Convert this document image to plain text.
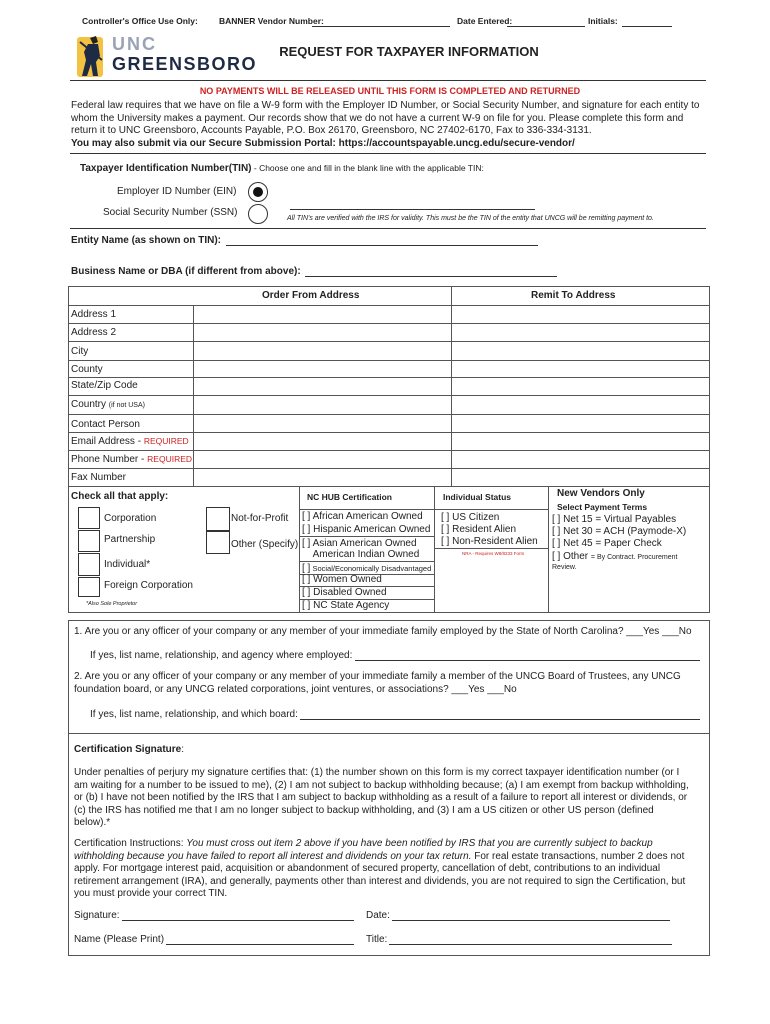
Controller's Office Use Only: BANNER Vendor Number:	Date Entered:	Initials:
UNC
GREENSBORO
REQUEST FOR TAXPAYER INFORMATION
NO PAYMENTS WILL BE RELEASED UNTIL THIS FORM IS COMPLETED AND RETURNED
Federal law requires that we have on file a W-9 form with the Employer ID Number, or Social Security Number, and signature for each entity to
whom the University makes a payment. Our records show that we do not have a current W-9 on file for you. Please complete this form and
return it to UNC Greensboro, Accounts Payable, P.O. Box 26170, Greensboro, NC 27402-6170, Fax to 336-334-3131.
You may also submit via our Secure Submission Portal: https://accountspayable.uncg.edu/secure-vendor/
Taxpayer Identification Number(TIN) - Choose one and fill in the blank line with the applicable TIN:
Employer ID Number (EIN)
Social Security Number (SSN)
All TIN's are verified with the IRS for validity. This must be the TIN of the entity that UNCG will be remitting payment to.
Entity Name (as shown on TIN):
Business Name or DBA (if different from above):
Order From Address	Remit To Address
Address 1
Address 2
City
County
State/Zip Code
Country (if not USA)
Contact Person
Email Address - REQUIRED
Phone Number - REQUIRED
Fax Number
Check all that apply:
Corporation
Partnership
Individual*
Foreign Corporation
*Also Sole Proprietor
Not-for-Profit
Other (Specify)
NC HUB Certification
[ ] African American Owned
[ ] Hispanic American Owned
[ ] Asian American Owned
American Indian Owned
[ ] Social/Economically Disadvantaged
[ ] Women Owned
[ ] Disabled Owned
[ ] NC State Agency
Individual Status
[ ] US Citizen
[ ] Resident Alien
[ ] Non-Resident Alien
NRA - Requires W8/8233 Form
New Vendors Only
Select Payment Terms
[ ] Net 15 = Virtual Payables
[ ] Net 30 = ACH (Paymode-X)
[ ] Net 45 = Paper Check
[ ] Other = By Contract. Procurement
Review.
1. Are you or any officer of your company or any member of your immediate family employed by the State of North Carolina? ___Yes ___No
If yes, list name, relationship, and agency where employed:
2. Are you or any officer of your company or any member of your immediate family a member of the UNCG Board of Trustees, any UNCG
foundation board, or any UNCG related corporations, joint ventures, or associations? ___Yes ___No
If yes, list name, relationship, and which board:
Certification Signature:
Under penalties of perjury my signature certifies that: (1) the number shown on this form is my correct taxpayer identification number (or I
am waiting for a number to be issued to me), (2) I am not subject to backup withholding because; (a) I am exempt from backup withholding,
or (b) I have not been notified by the IRS that I am subject to backup withholding as a result of a failure to report all interest or dividends, or
(c) the IRS has notified me that I am no longer subject to backup withholding, and (3) I am a US citizen or other US person (defined
below).*
Certification Instructions: You must cross out item 2 above if you have been notified by IRS that you are currently subject to backup
withholding because you have failed to report all interest and dividends on your tax return. For real estate transactions, number 2 does not
apply. For mortgage interest paid, acquisition or abandonment of secured property, cancellation of debt, contributions to an individual
retirement arrangement (IRA), and generally, payments other than interest and dividends, you are not required to sign the Certification, but
you must provide your correct TIN.
Signature:	Date:
Name (Please Print)	Title:
